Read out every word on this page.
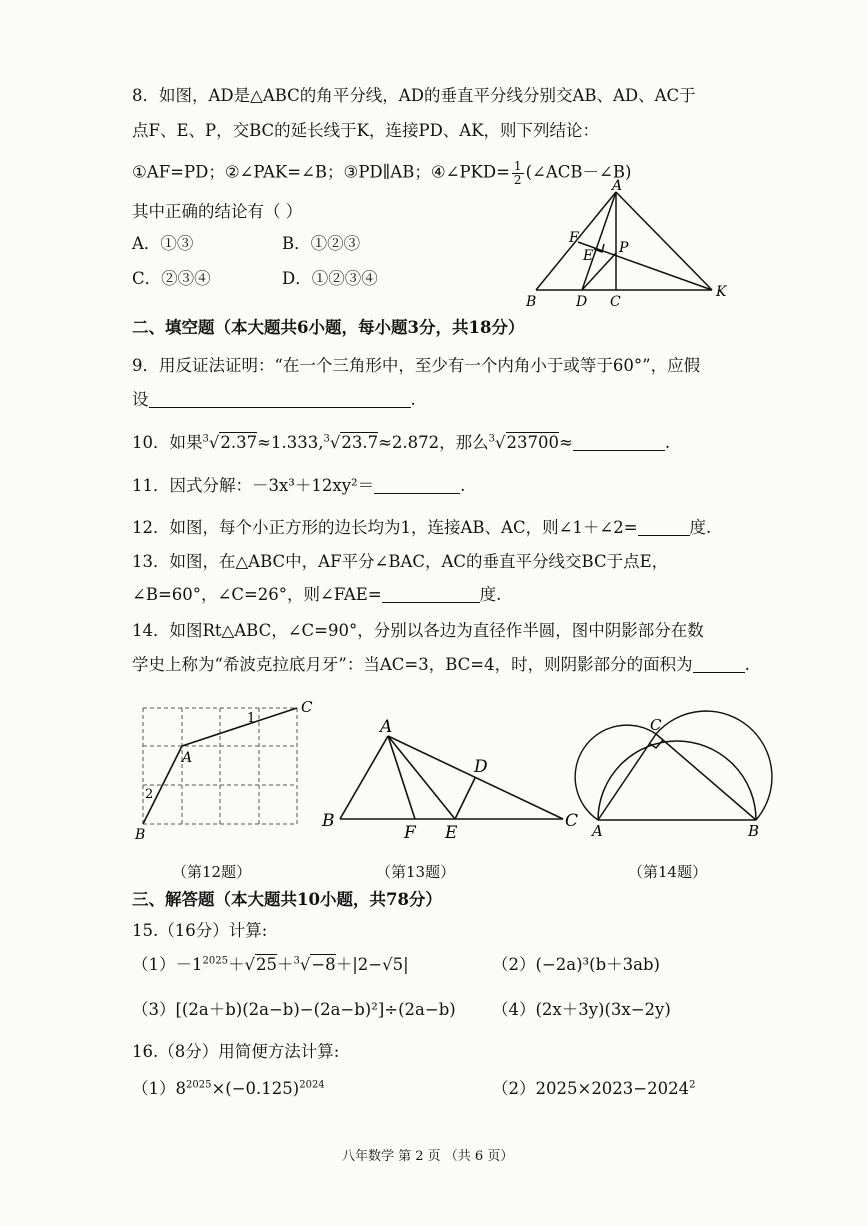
8．如图，AD是△ABC的角平分线，AD的垂直平分线分别交AB、AD、AC于
点F、E、P，交BC的延长线于K，连接PD、AK，则下列结论：
①AF=PD；②∠PAK=∠B；③PD∥AB；④∠PKD= $\frac{1}{2}$ (∠ACB－∠B)
其中正确的结论有（ ）
A．①③	B．①②③
C．②③④	D．①②③④
A
F
E P
B	D C
K
二、填空题（本大题共6小题，每小题3分，共18分）
9．用反证法证明：“在一个三角形中，至少有一个内角小于或等于60°”，应假
设	.
10．如果$^3$√2.37≈1.333,$^3$√23.7≈2.872，那么$^3$√23700≈	.
11．因式分解：－3x³＋12xy²＝	.
12．如图，每个小正方形的边长均为1，连接AB、AC，则∠1＋∠2=	度.
13．如图，在△ABC中，AF平分∠BAC，AC的垂直平分线交BC于点E，
∠B=60°，∠C=26°，则∠FAE=	度.
14．如图Rt△ABC，∠C=90°，分别以各边为直径作半圆，图中阴影部分在数
学史上称为“希波克拉底月牙”：当AC=3，BC=4，时，则阴影部分的面积为	.
C
A
B
1
2
（第12题）
A
D
B
F E
C
（第13题）
C
A	B
（第14题）
三、解答题（本大题共10小题，共78分）
15.（16分）计算:
$(1)-1^{2025}+√25+^3√-8+|2-√5|$	（2）(−2a)³(b＋3ab)
（3）[(2a＋b)(2a−b)−(2a−b)²]÷(2a−b) （4）(2x＋3y)(3x−2y)
16.（8分）用简便方法计算:
$(1)8^{2025}\times(-0.125)^{2024}$	$(2)2025\times 2023-2024^2$
八年数学 第 2 页 （共 6 页）
